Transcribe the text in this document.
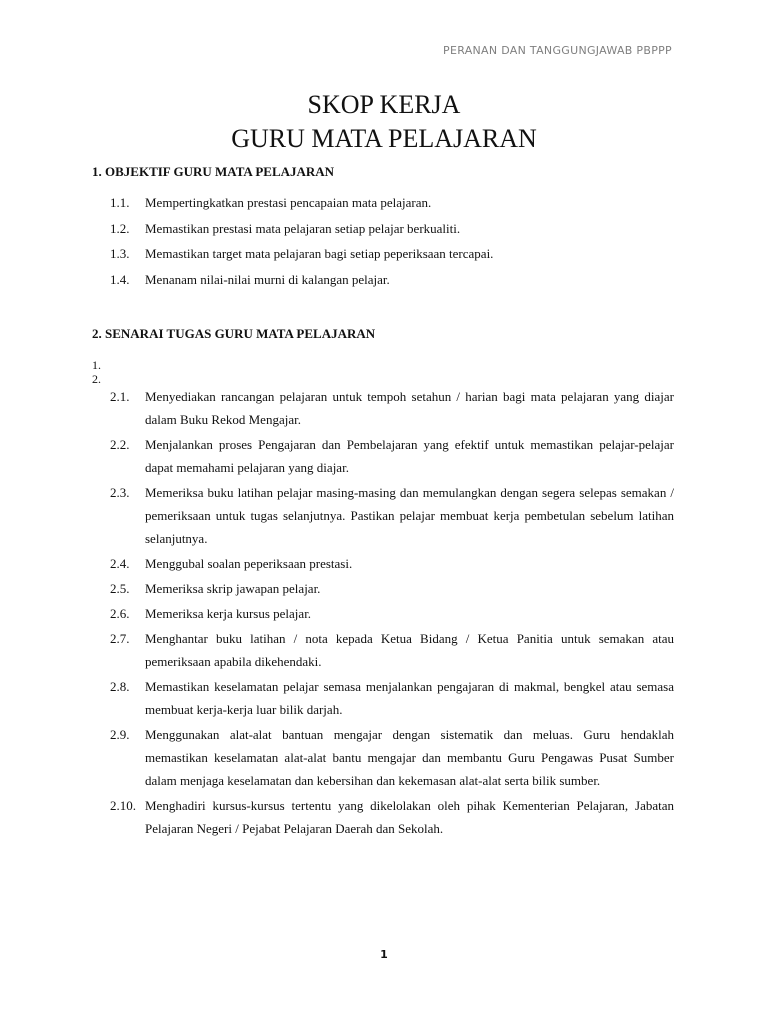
PERANAN DAN TANGGUNGJAWAB PBPPP
SKOP KERJA
GURU MATA PELAJARAN
1. OBJEKTIF GURU MATA PELAJARAN
1.1.	Mempertingkatkan prestasi pencapaian mata pelajaran.
1.2.	Memastikan prestasi mata pelajaran setiap pelajar berkualiti.
1.3.	Memastikan target mata pelajaran bagi setiap peperiksaan tercapai.
1.4.	Menanam nilai-nilai murni di kalangan pelajar.
2. SENARAI TUGAS GURU MATA PELAJARAN
1.
2.
2.1.	Menyediakan rancangan pelajaran untuk tempoh setahun / harian bagi mata pelajaran yang diajar dalam Buku Rekod Mengajar.
2.2.	Menjalankan proses Pengajaran dan Pembelajaran yang efektif untuk memastikan pelajar-pelajar dapat memahami pelajaran yang diajar.
2.3.	Memeriksa buku latihan pelajar masing-masing dan memulangkan dengan segera selepas semakan / pemeriksaan untuk tugas selanjutnya. Pastikan pelajar membuat kerja pembetulan sebelum latihan selanjutnya.
2.4.	Menggubal soalan peperiksaan prestasi.
2.5.	Memeriksa skrip jawapan pelajar.
2.6.	Memeriksa kerja kursus pelajar.
2.7.	Menghantar buku latihan / nota kepada Ketua Bidang / Ketua Panitia untuk semakan atau pemeriksaan apabila dikehendaki.
2.8.	Memastikan keselamatan pelajar semasa menjalankan pengajaran di makmal, bengkel atau semasa membuat kerja-kerja luar bilik darjah.
2.9.	Menggunakan alat-alat bantuan mengajar dengan sistematik dan meluas. Guru hendaklah memastikan keselamatan alat-alat bantu mengajar dan membantu Guru Pengawas Pusat Sumber dalam menjaga keselamatan dan kebersihan dan kekemasan alat-alat serta bilik sumber.
2.10. Menghadiri kursus-kursus tertentu yang dikelolakan oleh pihak Kementerian Pelajaran, Jabatan Pelajaran Negeri / Pejabat Pelajaran Daerah dan Sekolah.
1
